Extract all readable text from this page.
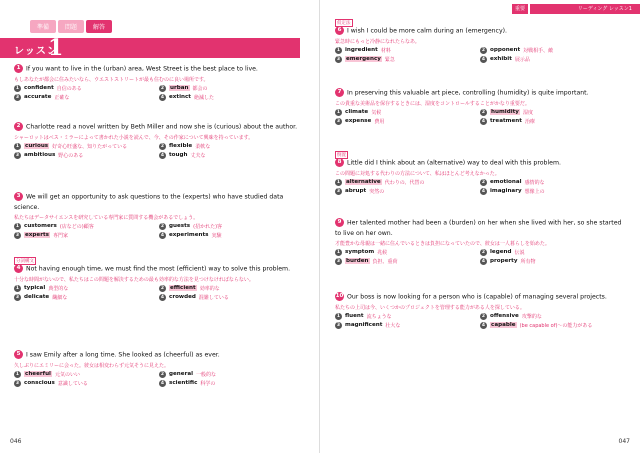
準備	問題	解答
レッスン
1
1 If you want to live in the (urban) area, West Street is the best place to live.
もしあなたが都会に住みたいなら、ウエストストリートが最も住むのに良い場所です。
1 confident 自信のある	2	urban 都会の
3 accurate 正確な	4 extinct 絶滅した
2 Charlotte read a novel written by Beth Miller and now she is (curious) about the author.
シャーロットはベス・ミラーによって書かれた小説を読んで、今、その作家について興味を持っています。
1	curious 好奇心旺盛な、知りたがっている	2 flexible 柔軟な
3 ambitious 野心のある	4 tough 丈夫な
3 We will get an opportunity to ask questions to the (experts) who have studied data science.
私たちはデータサイエンスを研究している専門家に質問する機会があるでしょう。
1 customers (店などの)顧客	2 guests (招かれた)客
3	experts 専門家	4 experiments 実験
4 Not having enough time, we must find the most (efficient) way to solve this problem.
十分な時間がないので、私たちはこの問題を解決するための最も効率的な方法を見つけなければならない。
1 typical 典型的な	2	efficient 効率的な
3 delicate 繊細な	4 crowded 混雑している
分詞構文
5 I saw Emily after a long time. She looked as (cheerful) as ever.
久しぶりにエミリーに会った。彼女は相変わらず元気そうに見えた。
1	cheerful 元気のいい	2 general 一般的な
3 conscious 意識している	4 scientific 科学の
046
重要	リーディング レッスン1
6 I wish I could be more calm during an (emergency).
緊急時にもっと冷静になれたらなあ。
1 ingredient 材料	2 opponent 対戦相手、敵
3	emergency 緊急	4 exhibit 展示品
仮定法
7 In preserving this valuable art piece, controlling (humidity) is quite important.
この貴重な美術品を保存するときには、湿度をコントロールすることがかなり重要だ。
1 climate 気候	2	humidity 湿度
3 expense 費用	4 treatment 治療
8 Little did I think about an (alternative) way to deal with this problem.
この問題に対処する代わりの方法について、私はほとんど考えなかった。
1	alternative 代わりの、代替の	2 emotional 感情的な
3 abrupt 突然の	4 imaginary 想像上の
倒置
9 Her talented mother had been a (burden) on her when she lived with her, so she started to live on her own.
才能豊かな母親は一緒に住んでいるときは負担になっていたので、彼女は一人暮らしを始めた。
1 symptom 兆候	2 legend 伝説
3	burden 負担、重荷	4 property 所有物
10 Our boss is now looking for a person who is (capable) of managing several projects.
私たちの上司は今、いくつかのプロジェクトを管理する能力がある人を探している。
1 fluent 流ちょうな	2 offensive 攻撃的な
3 magnificent 壮大な	4	capable (be capable of)～の能力がある
047
